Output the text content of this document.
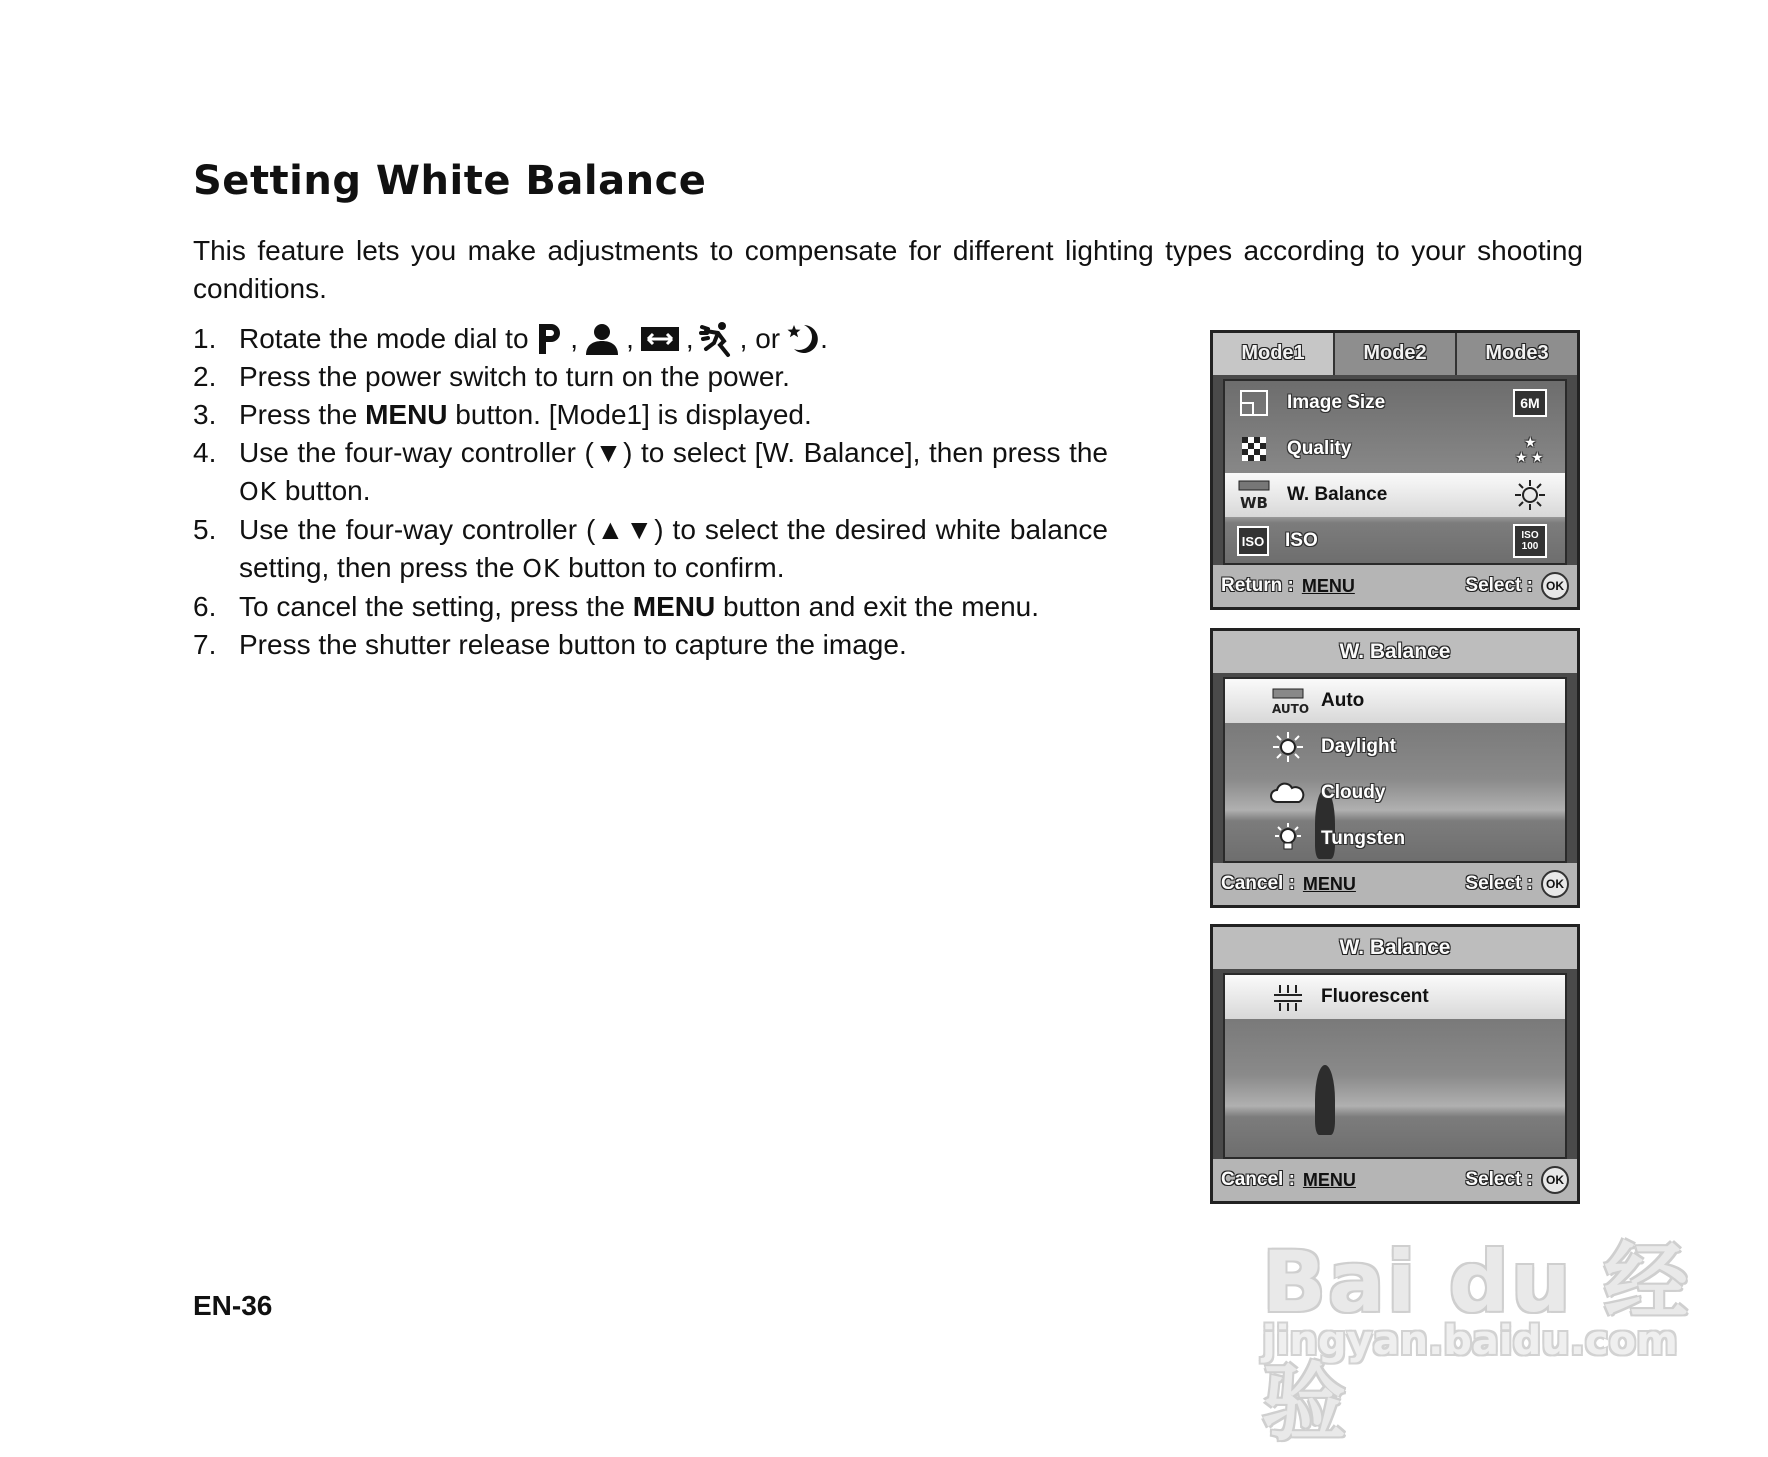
Setting White Balance

This feature lets you make adjustments to compensate for different lighting types according to your shooting conditions.

1. Rotate the mode dial to , , , , or .
2. Press the power switch to turn on the power.
3. Press the MENU button. [Mode1] is displayed.
4. Use the four-way controller (▼) to select [W. Balance], then press the OK button.
5. Use the four-way controller (▲▼) to select the desired white balance setting, then press the OK button to confirm.
6. To cancel the setting, press the MENU button and exit the menu.
7. Press the shutter release button to capture the image.
Mode1	Mode2	Mode3
Image Size	6M
Quality	★
★ ★
WB W. Balance
ISO ISO	ISO 100
Return : MENU	Select :	OK
W. Balance
AUTO Auto
Daylight
Cloudy
Tungsten
Cancel : MENU	Select :	OK
W. Balance
Fluorescent
Cancel : MENU	Select :	OK
EN-36	Bai du 经验
jingyan.baidu.com
